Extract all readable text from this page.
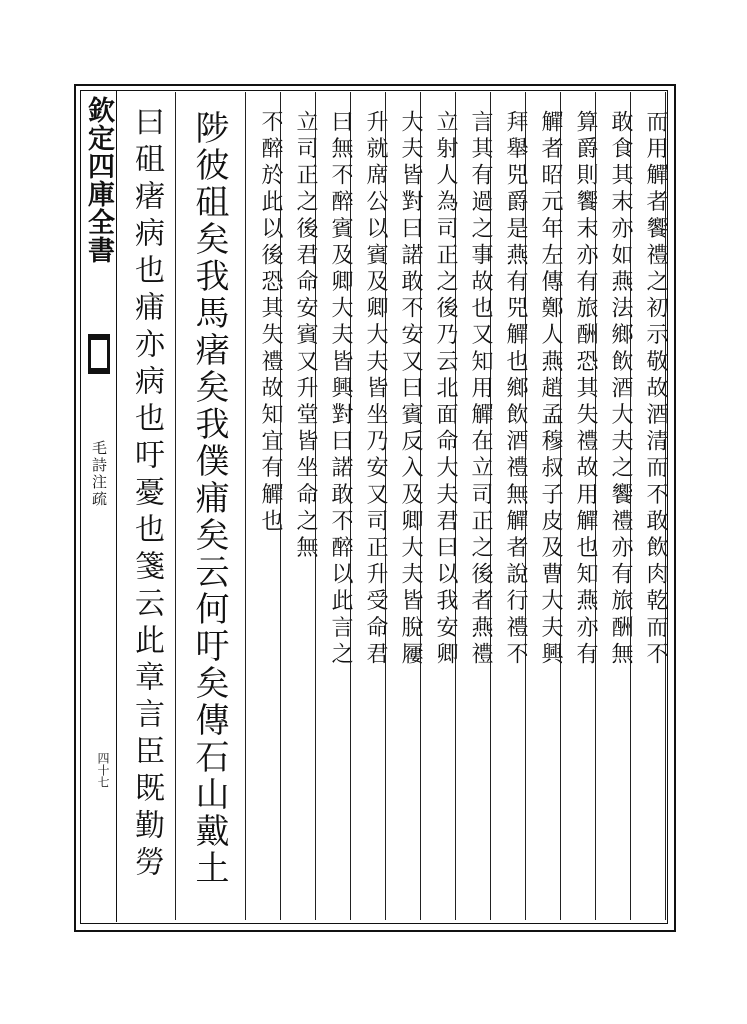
欽定四庫全書
毛詩注疏
四十七
而用觶者饗禮之初示敬故酒清而不敢飲肉乾而不
敢食其末亦如燕法鄉飲酒大夫之饗禮亦有旅酬無
算爵則饗末亦有旅酬恐其失禮故用觶也知燕亦有
觶者昭元年左傳鄭人燕趙孟穆叔子皮及曹大夫興
拜舉兕爵是燕有兕觶也鄉飲酒禮無觶者說行禮不
言其有過之事故也又知用觶在立司正之後者燕禮
立射人為司正之後乃云北面命大夫君曰以我安卿
大夫皆對曰諾敢不安又曰賓反入及卿大夫皆脫屨
升就席公以賓及卿大夫皆坐乃安又司正升受命君
曰無不醉賓及卿大夫皆興對曰諾敢不醉以此言之
立司正之後君命安賓又升堂皆坐命之無
不醉於此以後恐其失禮故知宜有觶也
陟彼砠矣我馬瘏矣我僕痡矣云何吁矣傳石山戴土
曰砠瘏病也痡亦病也吁憂也箋云此章言臣既勤勞
